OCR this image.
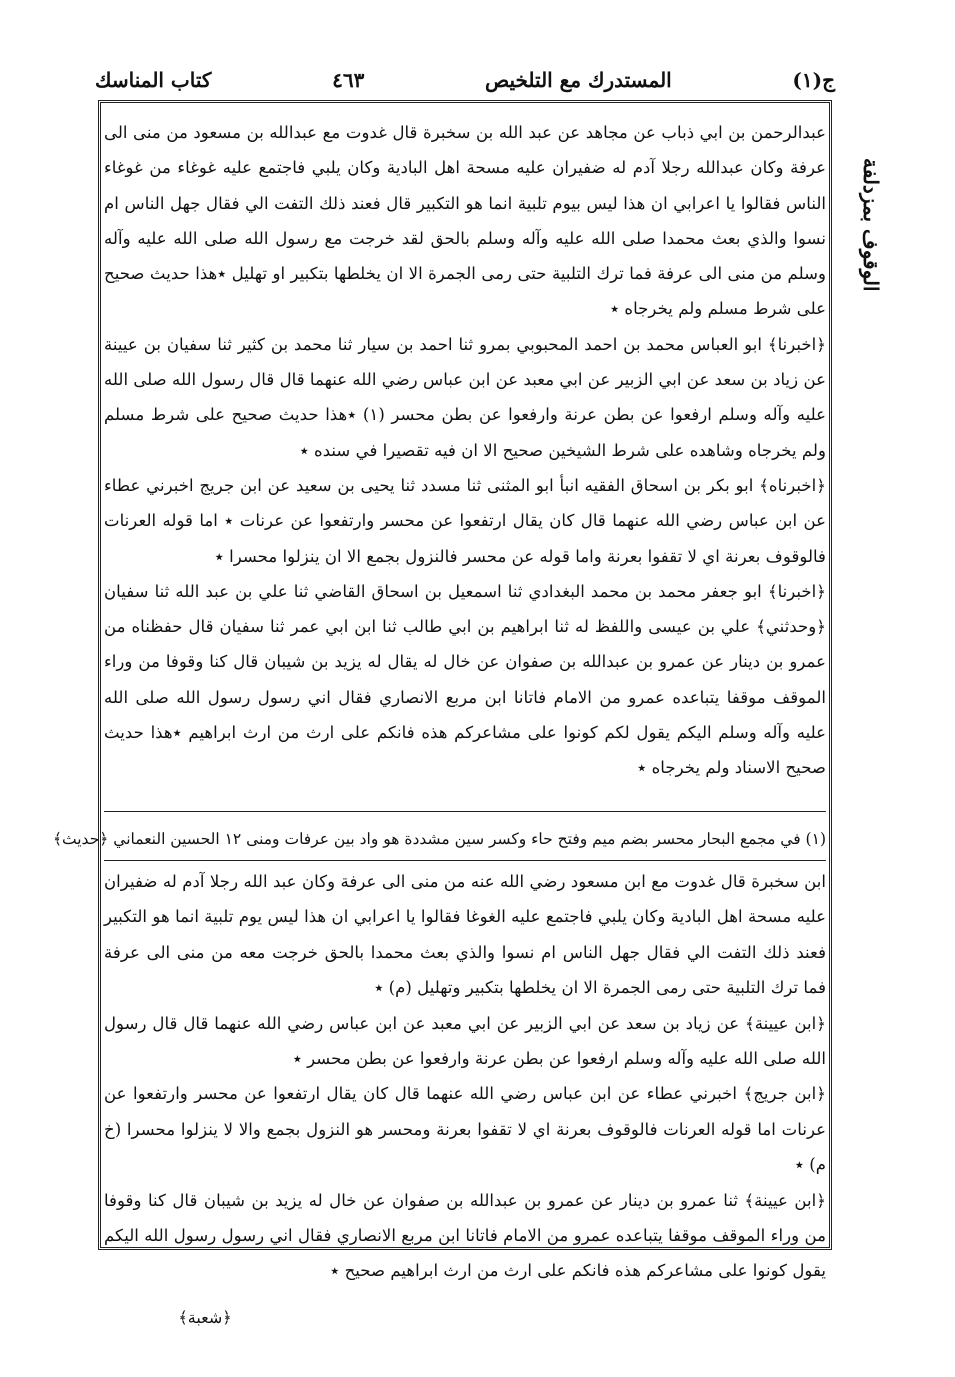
ج(١)
المستدرك مع التلخيص
٤٦٣
كتاب المناسك
الوقوف بمزدلفة

عبدالرحمن بن ابي ذباب عن مجاهد عن عبد الله بن سخبرة قال غدوت مع عبدالله بن مسعود من منى الى عرفة وكان عبدالله رجلا آدم له ضفيران عليه مسحة اهل البادية وكان يلبي فاجتمع عليه غوغاء من غوغاء الناس فقالوا يا اعرابي ان هذا ليس بيوم تلبية انما هو التكبير قال فعند ذلك التفت الي فقال جهل الناس ام نسوا والذي بعث محمدا صلى الله عليه وآله وسلم بالحق لقد خرجت مع رسول الله صلى الله عليه وآله وسلم من منى الى عرفة فما ترك التلبية حتى رمى الجمرة الا ان يخلطها بتكبير او تهليل ٭هذا حديث صحيح على شرط مسلم ولم يخرجاه ٭

﴿اخبرنا﴾ ابو العباس محمد بن احمد المحبوبي بمرو ثنا احمد بن سيار ثنا محمد بن كثير ثنا سفيان بن عيينة عن زياد بن سعد عن ابي الزبير عن ابي معبد عن ابن عباس رضي الله عنهما قال قال رسول الله صلى الله عليه وآله وسلم ارفعوا عن بطن عرنة وارفعوا عن بطن محسر (١) ٭هذا حديث صحيح على شرط مسلم ولم يخرجاه وشاهده على شرط الشيخين صحيح الا ان فيه تقصيرا في سنده ٭

﴿اخبرناه﴾ ابو بكر بن اسحاق الفقيه انبأ ابو المثنى ثنا مسدد ثنا يحيى بن سعيد عن ابن جريج اخبرني عطاء عن ابن عباس رضي الله عنهما قال كان يقال ارتفعوا عن محسر وارتفعوا عن عرنات ٭ اما قوله العرنات فالوقوف بعرنة اي لا تقفوا بعرنة واما قوله عن محسر فالنزول بجمع الا ان ينزلوا محسرا ٭

﴿اخبرنا﴾ ابو جعفر محمد بن محمد البغدادي ثنا اسمعيل بن اسحاق القاضي ثنا علي بن عبد الله ثنا سفيان ﴿وحدثني﴾ علي بن عيسى واللفظ له ثنا ابراهيم بن ابي طالب ثنا ابن ابي عمر ثنا سفيان قال حفظناه من عمرو بن دينار عن عمرو بن عبدالله بن صفوان عن خال له يقال له يزيد بن شيبان قال كنا وقوفا من وراء الموقف موقفا يتباعده عمرو من الامام فاتانا ابن مربع الانصاري فقال اني رسول رسول الله صلى الله عليه وآله وسلم اليكم يقول لكم كونوا على مشاعركم هذه فانكم على ارث من ارث ابراهيم ٭هذا حديث صحيح الاسناد ولم يخرجاه ٭

(١) في مجمع البحار محسر بضم ميم وفتح حاء وكسر سين مشددة هو واد بين عرفات ومنى ١٢ الحسين النعماني ﴿حديث﴾

ابن سخبرة قال غدوت مع ابن مسعود رضي الله عنه من منى الى عرفة وكان عبد الله رجلا آدم له ضفيران عليه مسحة اهل البادية وكان يلبي فاجتمع عليه الغوغا فقالوا يا اعرابي ان هذا ليس يوم تلبية انما هو التكبير فعند ذلك التفت الي فقال جهل الناس ام نسوا والذي بعث محمدا بالحق خرجت معه من منى الى عرفة فما ترك التلبية حتى رمى الجمرة الا ان يخلطها بتكبير وتهليل (م) ٭

﴿ابن عيينة﴾ عن زياد بن سعد عن ابي الزبير عن ابي معبد عن ابن عباس رضي الله عنهما قال قال رسول الله صلى الله عليه وآله وسلم ارفعوا عن بطن عرنة وارفعوا عن بطن محسر ٭

﴿ابن جريج﴾ اخبرني عطاء عن ابن عباس رضي الله عنهما قال كان يقال ارتفعوا عن محسر وارتفعوا عن عرنات اما قوله العرنات فالوقوف بعرنة اي لا تقفوا بعرنة ومحسر هو النزول بجمع والا لا ينزلوا محسرا (خ م) ٭

﴿ابن عيينة﴾ ثنا عمرو بن دينار عن عمرو بن عبدالله بن صفوان عن خال له يزيد بن شيبان قال كنا وقوفا من وراء الموقف موقفا يتباعده عمرو من الامام فاتانا ابن مربع الانصاري فقال اني رسول رسول الله اليكم يقول كونوا على مشاعركم هذه فانكم على ارث من ارث ابراهيم صحيح ٭

﴿شعبة﴾
